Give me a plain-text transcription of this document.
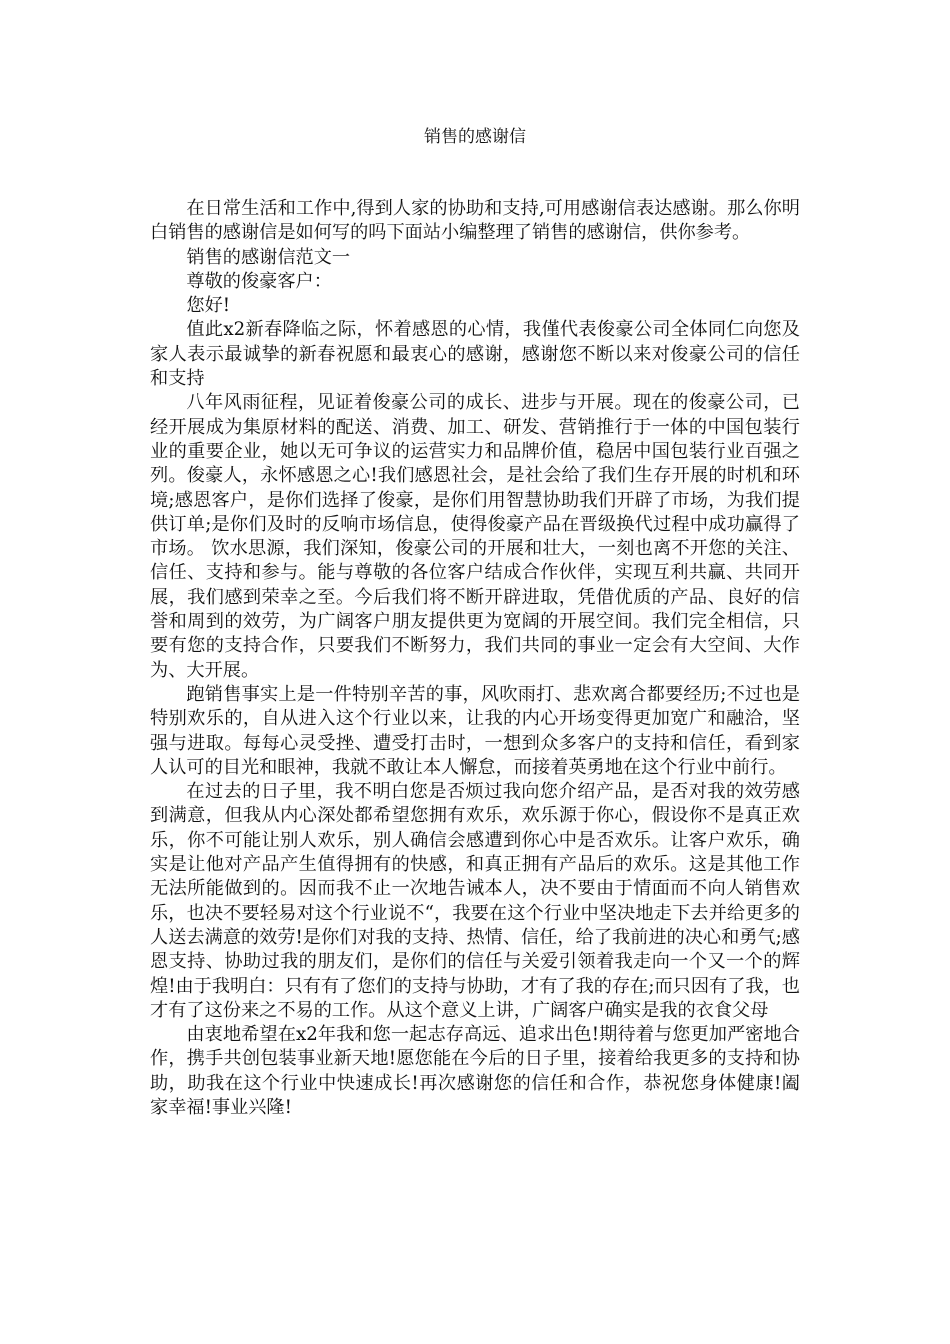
销售的感谢信

在日常生活和工作中,得到人家的协助和支持,可用感谢信表达感谢。那么你明白销售的感谢信是如何写的吗下面站小编整理了销售的感谢信，供你参考。

销售的感谢信范文一

尊敬的俊豪客户：

您好!

值此x2新春降临之际，怀着感恩的心情，我僅代表俊豪公司全体同仁向您及家人表示最诚挚的新春祝愿和最衷心的感谢，感谢您不断以来对俊豪公司的信任和支持

八年风雨征程，见证着俊豪公司的成长、进步与开展。现在的俊豪公司，已经开展成为集原材料的配送、消费、加工、研发、营销推行于一体的中国包装行业的重要企业，她以无可争议的运营实力和品牌价值，稳居中国包装行业百强之列。俊豪人，永怀感恩之心!我们感恩社会，是社会给了我们生存开展的时机和环境;感恩客户，是你们选择了俊豪，是你们用智慧协助我们开辟了市场，为我们提供订单;是你们及时的反响市场信息，使得俊豪产品在晋级换代过程中成功赢得了市场。 饮水思源，我们深知，俊豪公司的开展和壮大，一刻也离不开您的关注、信任、支持和参与。能与尊敬的各位客户结成合作伙伴，实现互利共赢、共同开展，我们感到荣幸之至。今后我们将不断开辟进取，凭借优质的产品、良好的信誉和周到的效劳，为广阔客户朋友提供更为宽阔的开展空间。我们完全相信，只要有您的支持合作，只要我们不断努力，我们共同的事业一定会有大空间、大作为、大开展。

跑销售事实上是一件特别辛苦的事，风吹雨打、悲欢离合都要经历;不过也是特别欢乐的，自从进入这个行业以来，让我的内心开场变得更加宽广和融洽，坚强与进取。每每心灵受挫、遭受打击时，一想到众多客户的支持和信任，看到家人认可的目光和眼神，我就不敢让本人懈怠，而接着英勇地在这个行业中前行。

在过去的日子里，我不明白您是否烦过我向您介绍产品，是否对我的效劳感到满意，但我从内心深处都希望您拥有欢乐，欢乐源于你心，假设你不是真正欢乐，你不可能让别人欢乐，别人确信会感遭到你心中是否欢乐。让客户欢乐，确实是让他对产品产生值得拥有的快感，和真正拥有产品后的欢乐。这是其他工作无法所能做到的。因而我不止一次地告诫本人，决不要由于情面而不向人销售欢乐，也决不要轻易对这个行业说不“，我要在这个行业中坚决地走下去并给更多的人送去满意的效劳!是你们对我的支持、热情、信任，给了我前进的决心和勇气;感恩支持、协助过我的朋友们，是你们的信任与关爱引领着我走向一个又一个的辉煌!由于我明白：只有有了您们的支持与协助，才有了我的存在;而只因有了我，也才有了这份来之不易的工作。从这个意义上讲，广阔客户确实是我的衣食父母

由衷地希望在x2年我和您一起志存高远、追求出色!期待着与您更加严密地合作，携手共创包装事业新天地!愿您能在今后的日子里，接着给我更多的支持和协助，助我在这个行业中快速成长!再次感谢您的信任和合作，恭祝您身体健康!阖家幸福!事业兴隆!
